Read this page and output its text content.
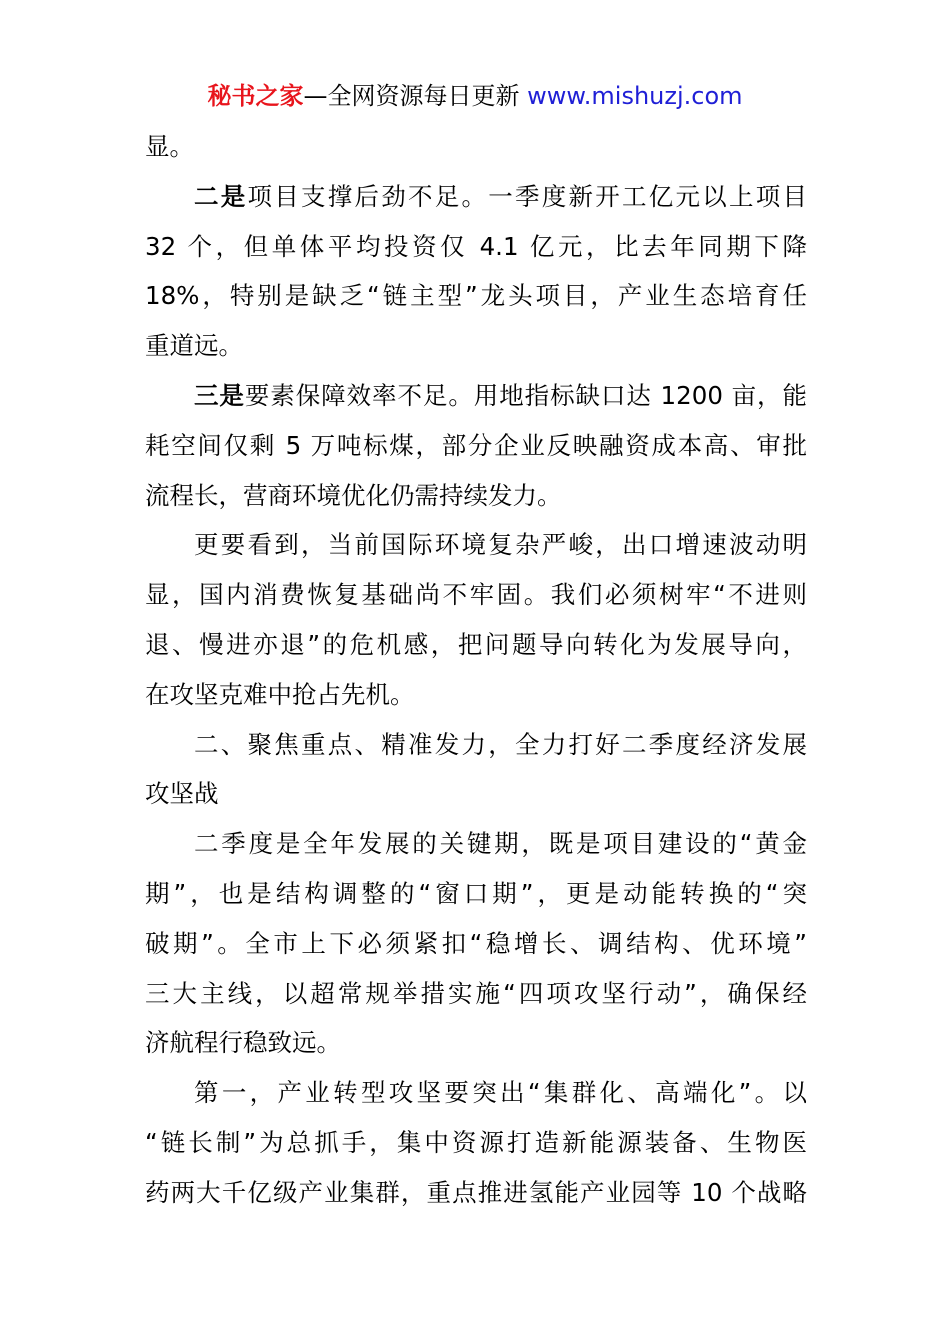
秘书之家—全网资源每日更新 www.mishuzj.com
显。
二是项目支撑后劲不足。一季度新开工亿元以上项目
32 个，但单体平均投资仅 4.1 亿元，比去年同期下降
18%，特别是缺乏“链主型”龙头项目，产业生态培育任
重道远。
三是要素保障效率不足。用地指标缺口达 1200 亩，能
耗空间仅剩 5 万吨标煤，部分企业反映融资成本高、审批
流程长，营商环境优化仍需持续发力。
更要看到，当前国际环境复杂严峻，出口增速波动明
显，国内消费恢复基础尚不牢固。我们必须树牢“不进则
退、慢进亦退”的危机感，把问题导向转化为发展导向，
在攻坚克难中抢占先机。
二、聚焦重点、精准发力，全力打好二季度经济发展
攻坚战
二季度是全年发展的关键期，既是项目建设的“黄金
期”，也是结构调整的“窗口期”，更是动能转换的“突
破期”。全市上下必须紧扣“稳增长、调结构、优环境”
三大主线，以超常规举措实施“四项攻坚行动”，确保经
济航程行稳致远。
第一，产业转型攻坚要突出“集群化、高端化”。以
“链长制”为总抓手，集中资源打造新能源装备、生物医
药两大千亿级产业集群，重点推进氢能产业园等 10 个战略
